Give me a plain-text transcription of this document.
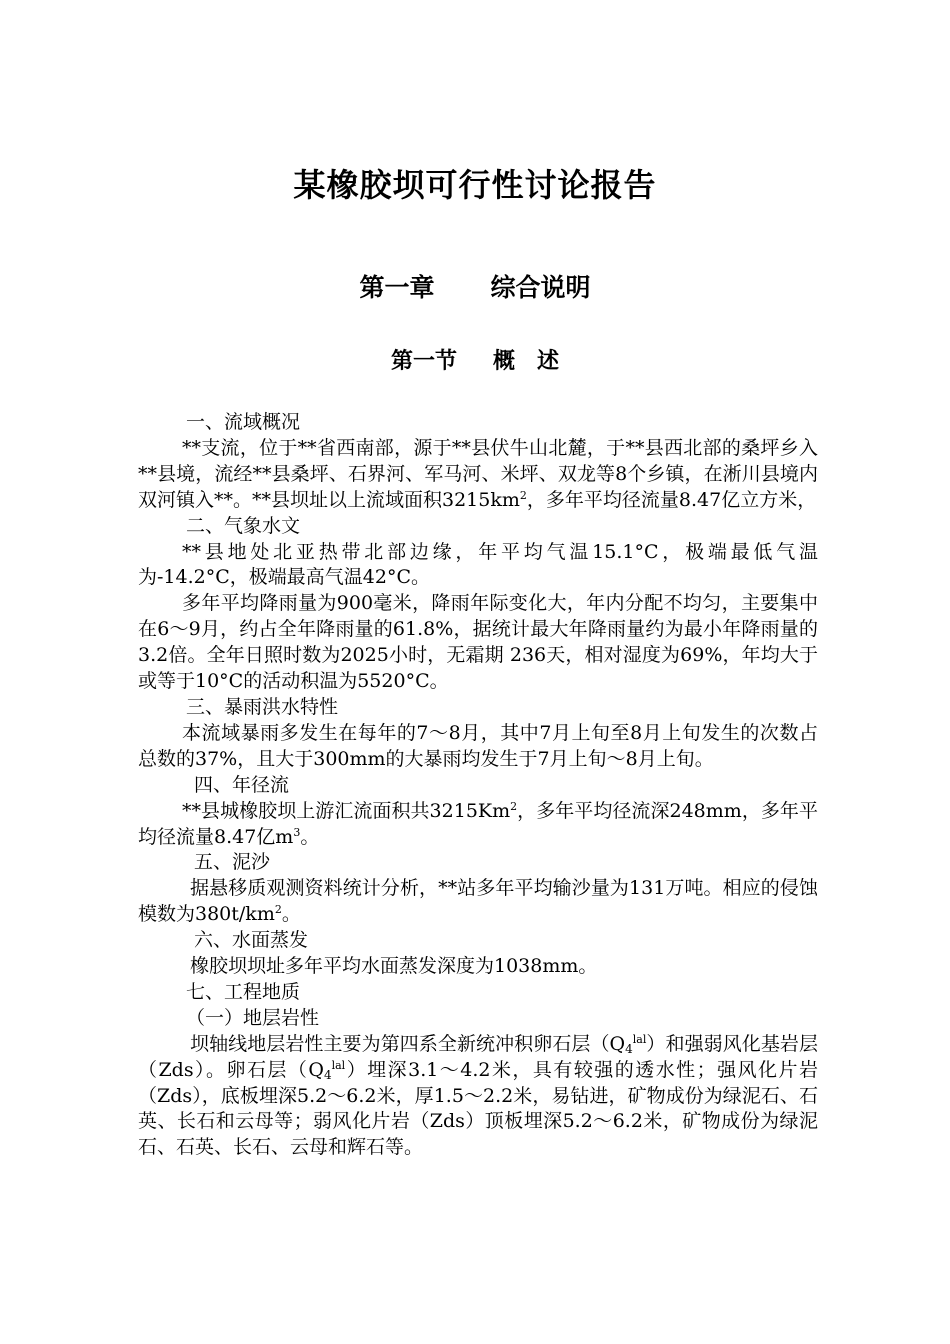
某橡胶坝可行性讨论报告
第一章 综合说明
第一节 概 述

一、流域概况

**支流，位于**省西南部，源于**县伏牛山北麓，于**县西北部的桑坪乡入**县境，流经**县桑坪、石界河、军马河、米坪、双龙等8个乡镇，在淅川县境内双河镇入**。**县坝址以上流域面积$3215km^2$，多年平均径流量8.47亿立方米，

二、气象水文

**县地处北亚热带北部边缘，年平均气温15.1°C，极端最低气温为-14.2°C，极端最高气温42°C。

多年平均降雨量为900毫米，降雨年际变化大，年内分配不均匀，主要集中在6～9月，约占全年降雨量的61.8%，据统计最大年降雨量约为最小年降雨量的3.2倍。全年日照时数为2025小时，无霜期 236天，相对湿度为69%，年均大于或等于10°C的活动积温为5520°C。

三、暴雨洪水特性

本流域暴雨多发生在每年的7～8月，其中7月上旬至8月上旬发生的次数占总数的37%，且大于300mm的大暴雨均发生于7月上旬～8月上旬。

四、年径流

**县城橡胶坝上游汇流面积共3215Km$^2$，多年平均径流深248mm，多年平均径流量8.47亿$m^3$。

五、泥沙

据悬移质观测资料统计分析，**站多年平均输沙量为131万吨。相应的侵蚀模数为$380t/km^2$。

六、水面蒸发

橡胶坝坝址多年平均水面蒸发深度为1038mm。

七、工程地质

（一）地层岩性

坝轴线地层岩性主要为第四系全新统冲积卵石层$(Q_4^{lal})$和强弱风化基岩层（Zds）。卵石层$(Q_4^{lal})$埋深3.1～4.2米，具有较强的透水性；强风化片岩（Zds），底板埋深5.2～6.2米，厚1.5～2.2米，易钻进，矿物成份为绿泥石、石英、长石和云母等；弱风化片岩（Zds）顶板埋深5.2～6.2米，矿物成份为绿泥石、石英、长石、云母和辉石等。
